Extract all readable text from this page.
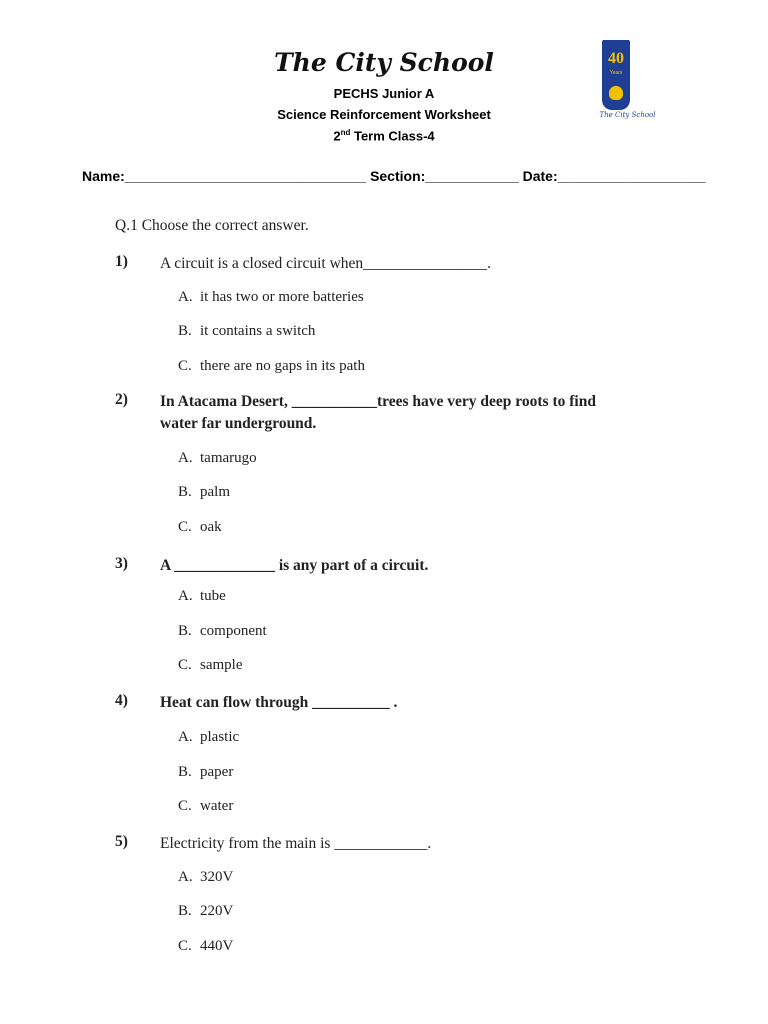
The City School
PECHS Junior A
Science Reinforcement Worksheet
2nd Term Class-4
40
Years
The City School
Name:_______________________________ Section:____________ Date:___________________
Q.1 Choose the correct answer.
1) A circuit is a closed circuit when________________.
A. it has two or more batteries
B. it contains a switch
C. there are no gaps in its path
2) In Atacama Desert, ___________trees have very deep roots to find
water far underground.
A. tamarugo
B. palm
C. oak
3) A _____________ is any part of a circuit.
A. tube
B. component
C. sample
4) Heat can flow through __________ .
A. plastic
B. paper
C. water
5) Electricity from the main is ____________.
A. 320V
B. 220V
C. 440V
